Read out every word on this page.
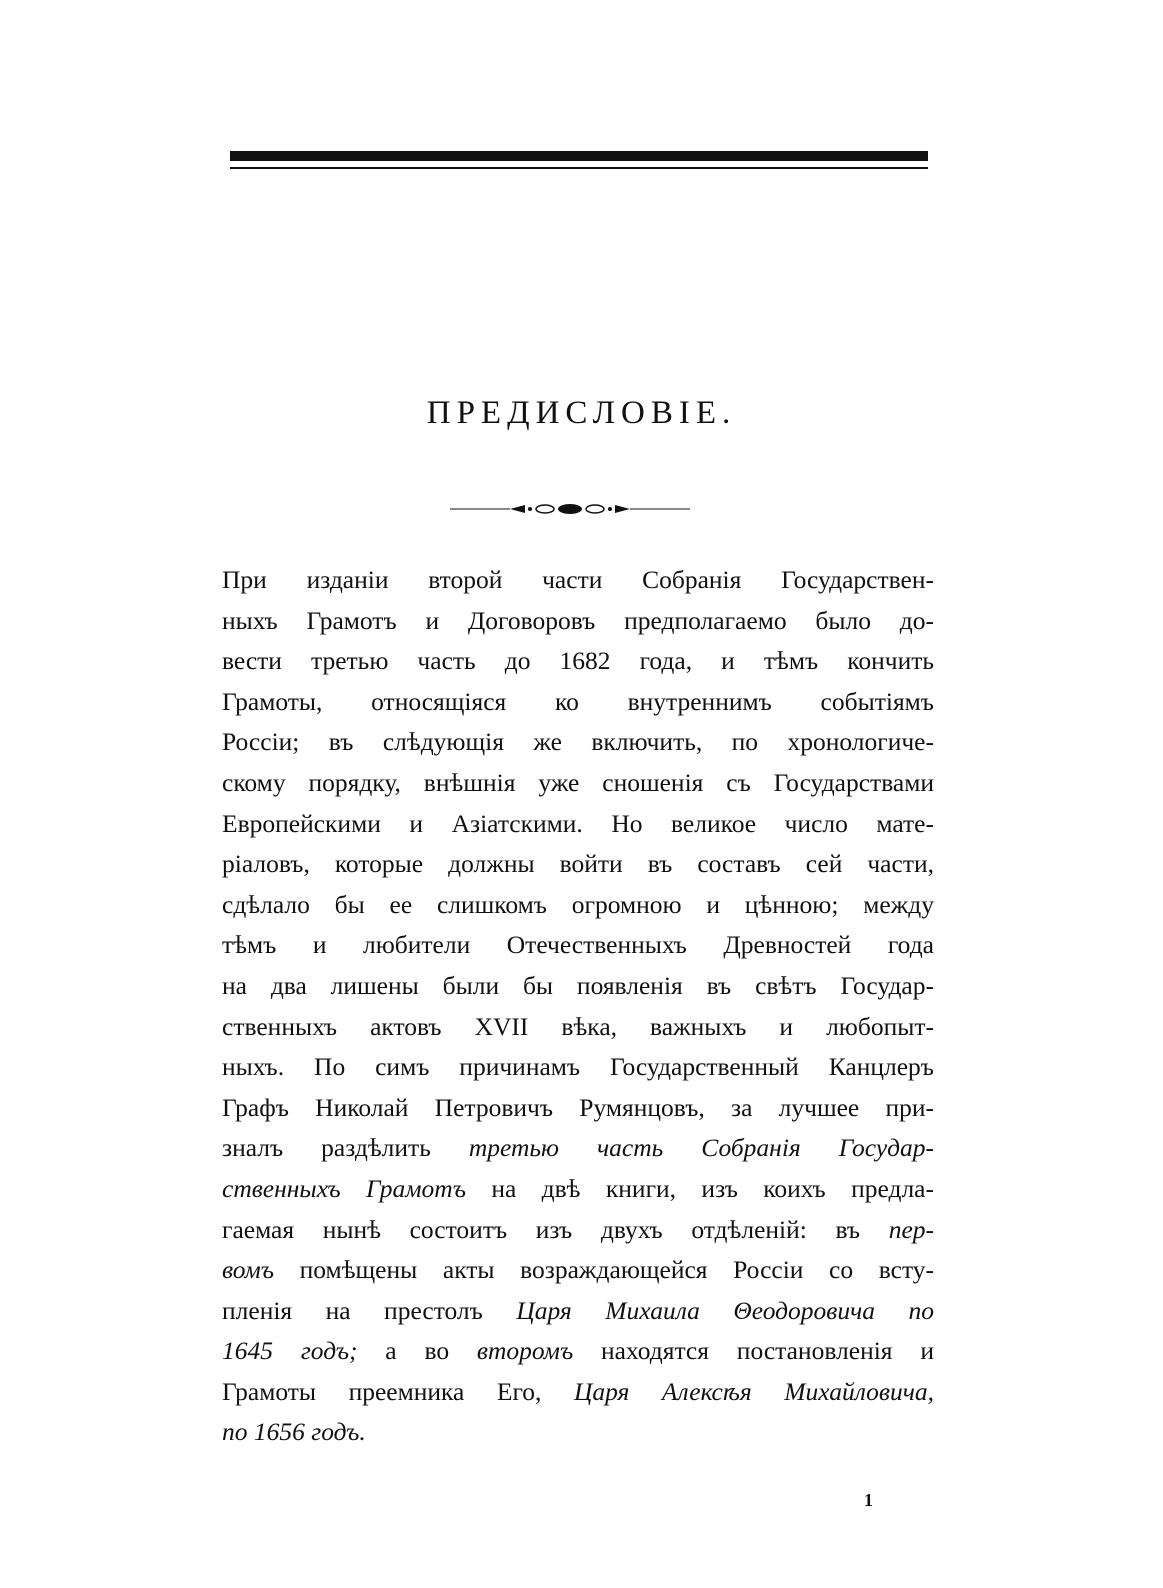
ПРЕДИСЛОВІЕ.
При изданіи второй части Собранія Государствен-
ныхъ Грамотъ и Договоровъ предполагаемо было до-
вести третью часть до 1682 года, и тѣмъ кончить
Грамоты, относящіяся ко внутреннимъ событіямъ
Россіи; въ слѣдующія же включить, по хронологиче-
скому порядку, внѣшнія уже сношенія съ Государствами
Европейскими и Азіатскими. Но великое число мате-
ріаловъ, которые должны войти въ составъ сей части,
сдѣлало бы ее слишкомъ огромною и цѣнною; между
тѣмъ и любители Отечественныхъ Древностей года
на два лишены были бы появленія въ свѣтъ Государ-
ственныхъ актовъ XVII вѣка, важныхъ и любопыт-
ныхъ. По симъ причинамъ Государственный Канцлеръ
Графъ Николай Петровичъ Румянцовъ, за лучшее при-
зналъ раздѣлить третью часть Собранія Государ-
ственныхъ Грамотъ на двѣ книги, изъ коихъ предла-
гаемая нынѣ состоитъ изъ двухъ отдѣленій: въ пер-
вомъ помѣщены акты возраждающейся Россіи со всту-
пленія на престолъ Царя Михаила Θеодоровича по
1645 годъ; а во второмъ находятся постановленія и
Грамоты преемника Его, Царя Алексѣя Михайловича,
по 1656 годъ.
1
